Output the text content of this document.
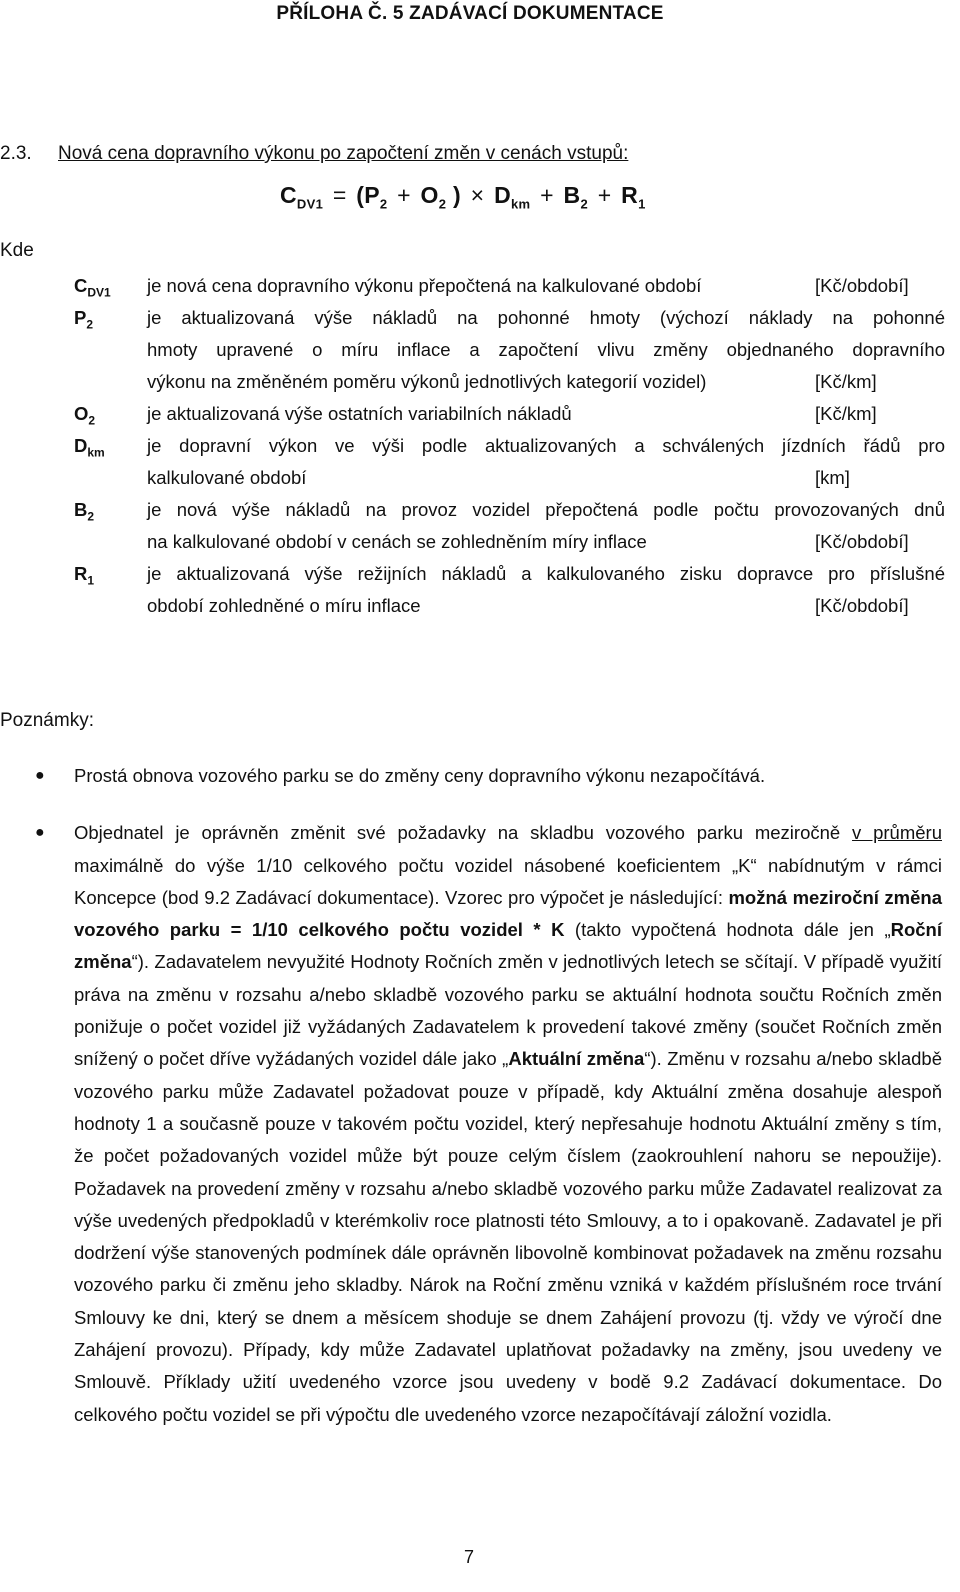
PŘÍLOHA Č. 5 ZADÁVACÍ DOKUMENTACE
2.3. Nová cena dopravního výkonu po započtení změn v cenách vstupů:
$C_{DV1} = (P_2 + O_2$ ) × $D_{km} + B_2 + R_1$
Kde
$C_{DV1}$ je nová cena dopravního výkonu přepočtená na kalkulované období	[Kč/období]
$P_2$	je aktualizovaná výše nákladů na pohonné hmoty (výchozí náklady na pohonné
hmoty upravené o míru inflace a započtení vlivu změny objednaného dopravního
výkonu na změněném poměru výkonů jednotlivých kategorií vozidel)	[Kč/km]
$O_2$	je aktualizovaná výše ostatních variabilních nákladů	[Kč/km]
$D_{km}$ je dopravní výkon ve výši podle aktualizovaných a schválených jízdních řádů pro
kalkulované období	[km]
$B_2$	je nová výše nákladů na provoz vozidel přepočtená podle počtu provozovaných dnů
na kalkulované období v cenách se zohledněním míry inflace	[Kč/období]
$R_1$	je aktualizovaná výše režijních nákladů a kalkulovaného zisku dopravce pro příslušné
období zohledněné o míru inflace	[Kč/období]
Poznámky:
● Prostá obnova vozového parku se do změny ceny dopravního výkonu nezapočítává.
● Objednatel je oprávněn změnit své požadavky na skladbu vozového parku meziročně v průměru maximálně do výše 1/10 celkového počtu vozidel násobené koeficientem „K“ nabídnutým v rámci Koncepce (bod 9.2 Zadávací dokumentace). Vzorec pro výpočet je následující: možná meziroční změna vozového parku = 1/10 celkového počtu vozidel * K (takto vypočtená hodnota dále jen „Roční změna“). Zadavatelem nevyužité Hodnoty Ročních změn v jednotlivých letech se sčítají. V případě využití práva na změnu v rozsahu a/nebo skladbě vozového parku se aktuální hodnota součtu Ročních změn ponižuje o počet vozidel již vyžádaných Zadavatelem k provedení takové změny (součet Ročních změn snížený o počet dříve vyžádaných vozidel dále jako „Aktuální změna“). Změnu v rozsahu a/nebo skladbě vozového parku může Zadavatel požadovat pouze v případě, kdy Aktuální změna dosahuje alespoň hodnoty 1 a současně pouze v takovém počtu vozidel, který nepřesahuje hodnotu Aktuální změny s tím, že počet požadovaných vozidel může být pouze celým číslem (zaokrouhlení nahoru se nepoužije). Požadavek na provedení změny v rozsahu a/nebo skladbě vozového parku může Zadavatel realizovat za výše uvedených předpokladů v kterémkoliv roce platnosti této Smlouvy, a to i opakovaně. Zadavatel je při dodržení výše stanovených podmínek dále oprávněn libovolně kombinovat požadavek na změnu rozsahu vozového parku či změnu jeho skladby. Nárok na Roční změnu vzniká v každém příslušném roce trvání Smlouvy ke dni, který se dnem a měsícem shoduje se dnem Zahájení provozu (tj. vždy ve výročí dne Zahájení provozu). Případy, kdy může Zadavatel uplatňovat požadavky na změny, jsou uvedeny ve Smlouvě. Příklady užití uvedeného vzorce jsou uvedeny v bodě 9.2 Zadávací dokumentace. Do celkového počtu vozidel se při výpočtu dle uvedeného vzorce nezapočítávají záložní vozidla.
7
